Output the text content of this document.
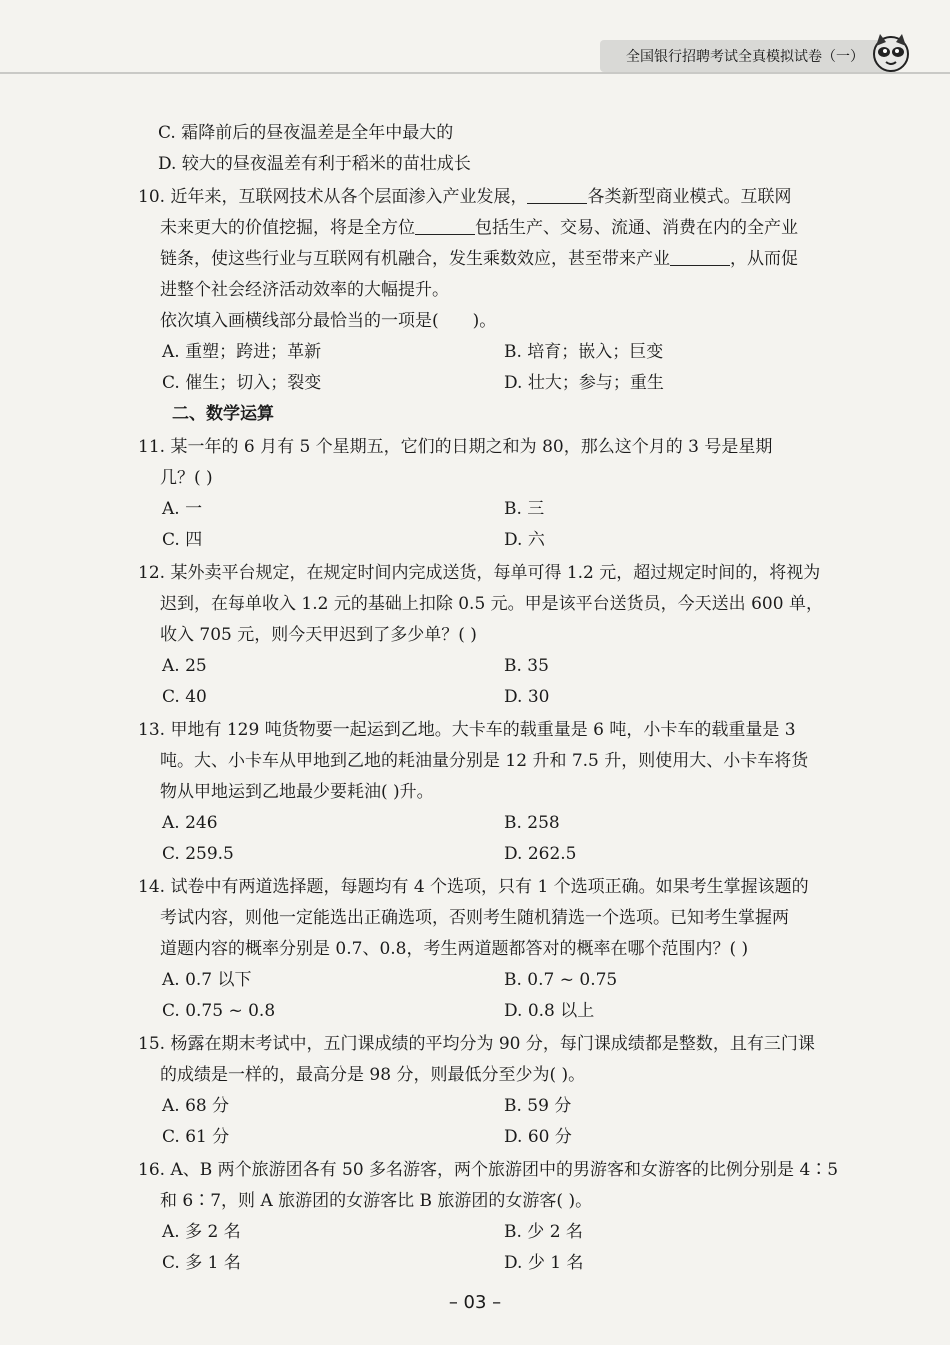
全国银行招聘考试全真模拟试卷（一）
C. 霜降前后的昼夜温差是全年中最大的
D. 较大的昼夜温差有利于稻米的苗壮成长
10. 近年来，互联网技术从各个层面渗入产业发展，	各类新型商业模式。互联网
未来更大的价值挖掘，将是全方位	包括生产、交易、流通、消费在内的全产业
链条，使这些行业与互联网有机融合，发生乘数效应，甚至带来产业	，从而促
进整个社会经济活动效率的大幅提升。
依次填入画横线部分最恰当的一项是( )。
A. 重塑；跨进；革新	B. 培育；嵌入；巨变
C. 催生；切入；裂变	D. 壮大；参与；重生
二、数学运算
11. 某一年的 6 月有 5 个星期五，它们的日期之和为 80，那么这个月的 3 号是星期
几？( )
A. 一	B. 三
C. 四	D. 六
12. 某外卖平台规定，在规定时间内完成送货，每单可得 1.2 元，超过规定时间的，将视为
迟到，在每单收入 1.2 元的基础上扣除 0.5 元。甲是该平台送货员，今天送出 600 单，
收入 705 元，则今天甲迟到了多少单？( )
A. 25	B. 35
C. 40	D. 30
13. 甲地有 129 吨货物要一起运到乙地。大卡车的载重量是 6 吨，小卡车的载重量是 3
吨。大、小卡车从甲地到乙地的耗油量分别是 12 升和 7.5 升，则使用大、小卡车将货
物从甲地运到乙地最少要耗油( )升。
A. 246	B. 258
C. 259.5	D. 262.5
14. 试卷中有两道选择题，每题均有 4 个选项，只有 1 个选项正确。如果考生掌握该题的
考试内容，则他一定能选出正确选项，否则考生随机猜选一个选项。已知考生掌握两
道题内容的概率分别是 0.7、0.8，考生两道题都答对的概率在哪个范围内？( )
A. 0.7 以下	B. 0.7 ~ 0.75
C. 0.75 ~ 0.8	D. 0.8 以上
15. 杨露在期末考试中，五门课成绩的平均分为 90 分，每门课成绩都是整数，且有三门课
的成绩是一样的，最高分是 98 分，则最低分至少为( )。
A. 68 分	B. 59 分
C. 61 分	D. 60 分
16. A、B 两个旅游团各有 50 多名游客，两个旅游团中的男游客和女游客的比例分别是 4∶5
和 6∶7，则 A 旅游团的女游客比 B 旅游团的女游客( )。
A. 多 2 名	B. 少 2 名
C. 多 1 名	D. 少 1 名
– 03 –
